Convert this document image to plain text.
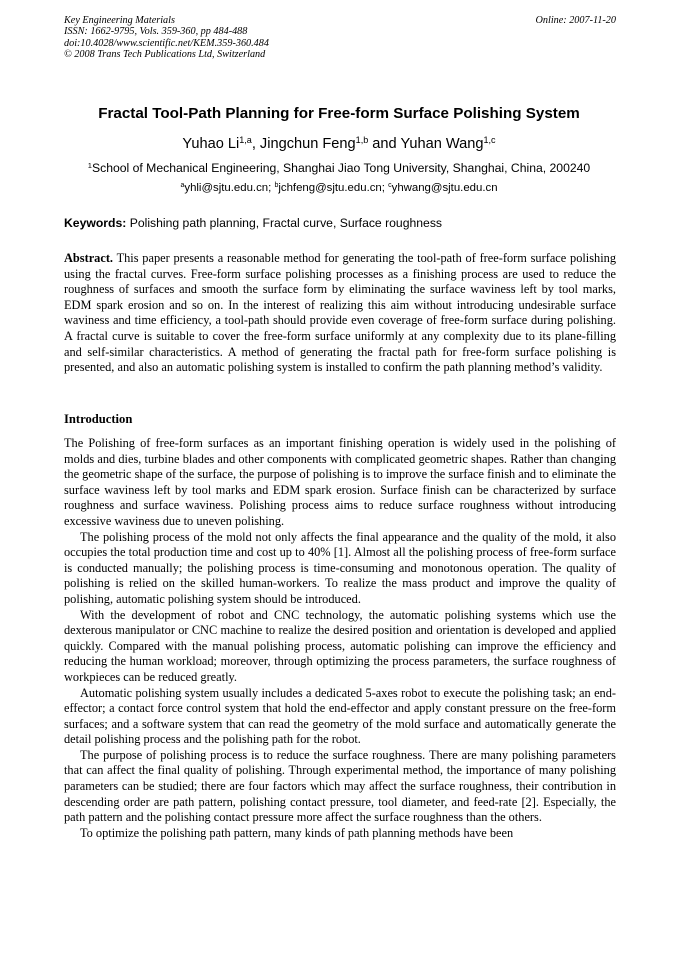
Key Engineering Materials
ISSN: 1662-9795, Vols. 359-360, pp 484-488
doi:10.4028/www.scientific.net/KEM.359-360.484
© 2008 Trans Tech Publications Ltd, Switzerland
Online: 2007-11-20
Fractal Tool-Path Planning for Free-form Surface Polishing System
Yuhao Li$^{1,a}$, Jingchun Feng$^{1,b}$ and Yuhan Wang$^{1,c}$
$^1$School of Mechanical Engineering, Shanghai Jiao Tong University, Shanghai, China, 200240
$^a$yhli@sjtu.edu.cn; $^b$jchfeng@sjtu.edu.cn; $^c$yhwang@sjtu.edu.cn
Keywords: Polishing path planning, Fractal curve, Surface roughness
Abstract. This paper presents a reasonable method for generating the tool-path of free-form surface polishing using the fractal curves. Free-form surface polishing processes as a finishing process are used to reduce the roughness of surfaces and smooth the surface form by eliminating the surface waviness left by tool marks, EDM spark erosion and so on. In the interest of realizing this aim without introducing undesirable surface waviness and time efficiency, a tool-path should provide even coverage of free-form surface during polishing. A fractal curve is suitable to cover the free-form surface uniformly at any complexity due to its plane-filling and self-similar characteristics. A method of generating the fractal path for free-form surface polishing is presented, and also an automatic polishing system is installed to confirm the path planning method’s validity.
Introduction

The Polishing of free-form surfaces as an important finishing operation is widely used in the polishing of molds and dies, turbine blades and other components with complicated geometric shapes. Rather than changing the geometric shape of the surface, the purpose of polishing is to improve the surface finish and to eliminate the surface waviness left by tool marks and EDM spark erosion. Surface finish can be characterized by surface roughness and surface waviness. Polishing process aims to reduce surface roughness without introducing excessive waviness due to uneven polishing.

The polishing process of the mold not only affects the final appearance and the quality of the mold, it also occupies the total production time and cost up to 40% [1]. Almost all the polishing process of free-form surface is conducted manually; the polishing process is time-consuming and monotonous operation. The quality of polishing is relied on the skilled human-workers. To realize the mass product and improve the quality of polishing, automatic polishing system should be introduced.

With the development of robot and CNC technology, the automatic polishing systems which use the dexterous manipulator or CNC machine to realize the desired position and orientation is developed and applied quickly. Compared with the manual polishing process, automatic polishing can improve the efficiency and reducing the human workload; moreover, through optimizing the process parameters, the surface roughness of workpieces can be reduced greatly.

Automatic polishing system usually includes a dedicated 5-axes robot to execute the polishing task; an end-effector; a contact force control system that hold the end-effector and apply constant pressure on the free-form surfaces; and a software system that can read the geometry of the mold surface and automatically generate the detail polishing process and the polishing path for the robot.

The purpose of polishing process is to reduce the surface roughness. There are many polishing parameters that can affect the final quality of polishing. Through experimental method, the importance of many polishing parameters can be studied; there are four factors which may affect the surface roughness, their contribution in descending order are path pattern, polishing contact pressure, tool diameter, and feed-rate [2]. Especially, the path pattern and the polishing contact pressure more affect the surface roughness than the others.

To optimize the polishing path pattern, many kinds of path planning methods have been
